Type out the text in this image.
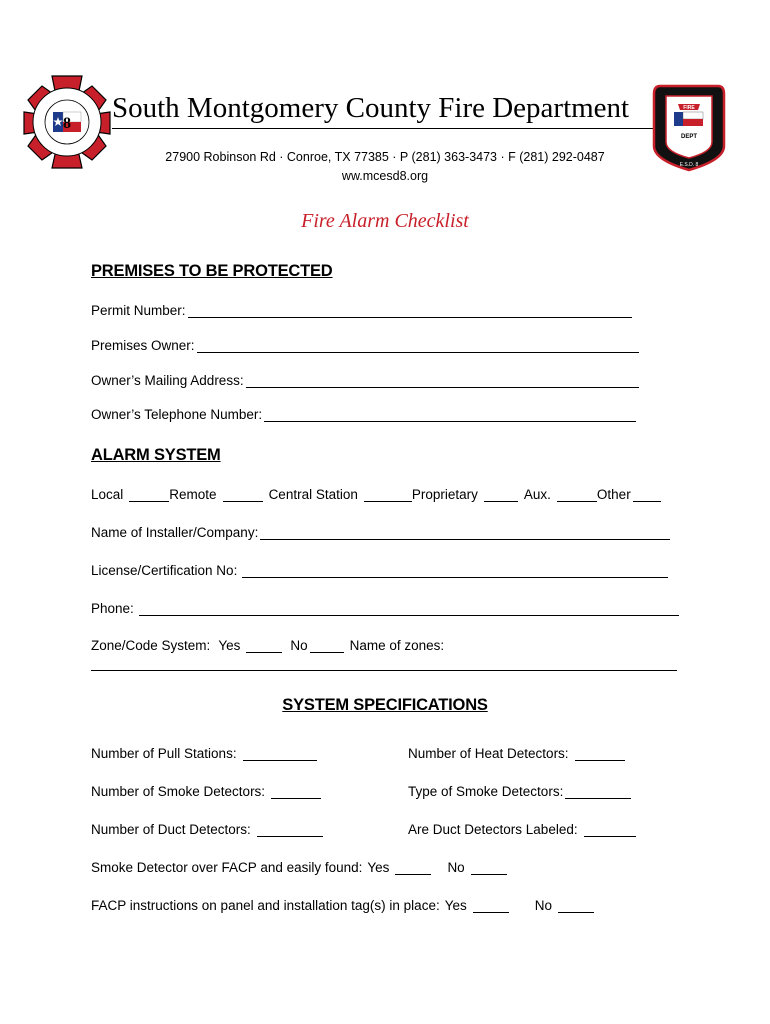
8 South Montgomery County Fire Department
DEPT
FIRE
E.S.D. 8
27900 Robinson Rd · Conroe, TX 77385 · P (281) 363-3473 · F (281) 292-0487
ww.mcesd8.org
Fire Alarm Checklist
PREMISES TO BE PROTECTED
Permit Number:
Premises Owner:
Owner’s Mailing Address:
Owner’s Telephone Number:
ALARM SYSTEM
Local	Remote	Central Station	Proprietary	Aux.	Other
Name of Installer/Company:
License/Certification No:
Phone:
Zone/Code System: Yes	No	Name of zones:
SYSTEM SPECIFICATIONS
Number of Pull Stations:	Number of Heat Detectors:
Number of Smoke Detectors:	Type of Smoke Detectors:
Number of Duct Detectors:	Are Duct Detectors Labeled:
Smoke Detector over FACP and easily found: Yes	No
FACP instructions on panel and installation tag(s) in place: Yes	No
